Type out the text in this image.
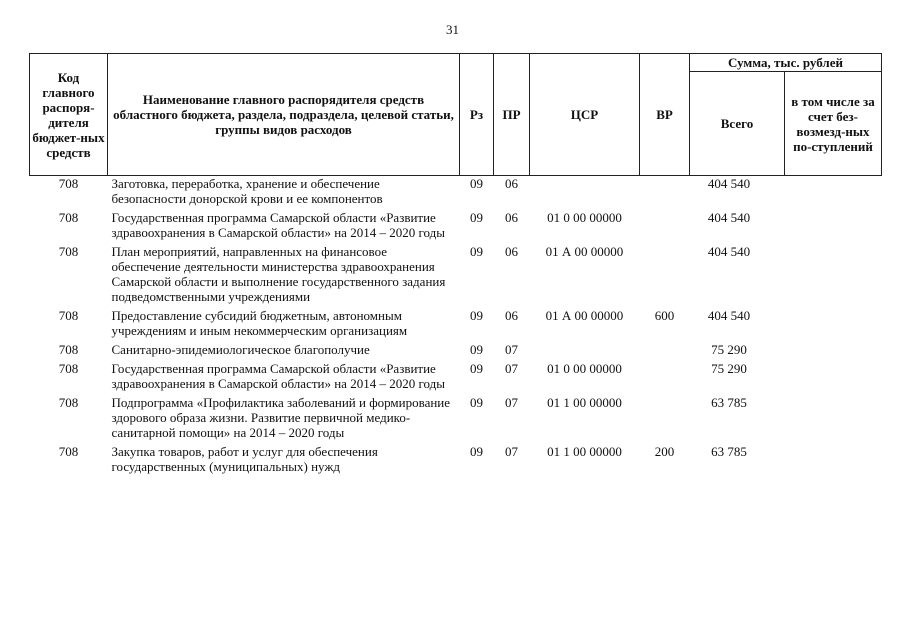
31
Код главного распоря-дителя бюджет-ных средств	Наименование главного распорядителя средств областного бюджета, раздела, подраздела, целевой статьи, группы видов расходов	Рз	ПР	ЦСР	ВР	Сумма, тыс. рублей	
						Всего	в том числе за счет без-возмезд-ных по-ступлений
708	Заготовка, переработка, хранение и обеспечение безопасности донорской крови и ее компонентов	09	06			404 540	
708	Государственная программа Самарской области «Развитие здравоохранения в Самарской области» на 2014 – 2020 годы	09	06	01 0 00 00000		404 540	
708	План мероприятий, направленных на финансовое обеспечение деятельности министерства здравоохранения Самарской области и выполнение государственного задания подведомственными учреждениями	09	06	01 А 00 00000		404 540	
708	Предоставление субсидий бюджетным, автономным учреждениям и иным некоммерческим организациям	09	06	01 А 00 00000	600	404 540	
708	Санитарно-эпидемиологическое благополучие	09	07			75 290	
708	Государственная программа Самарской области «Развитие здравоохранения в Самарской области» на 2014 – 2020 годы	09	07	01 0 00 00000		75 290	
708	Подпрограмма «Профилактика заболеваний и формирование здорового образа жизни. Развитие первичной медико-санитарной помощи» на 2014 – 2020 годы	09	07	01 1 00 00000		63 785	
708	Закупка товаров, работ и услуг для обеспечения государственных (муниципальных) нужд	09	07	01 1 00 00000	200	63 785	
